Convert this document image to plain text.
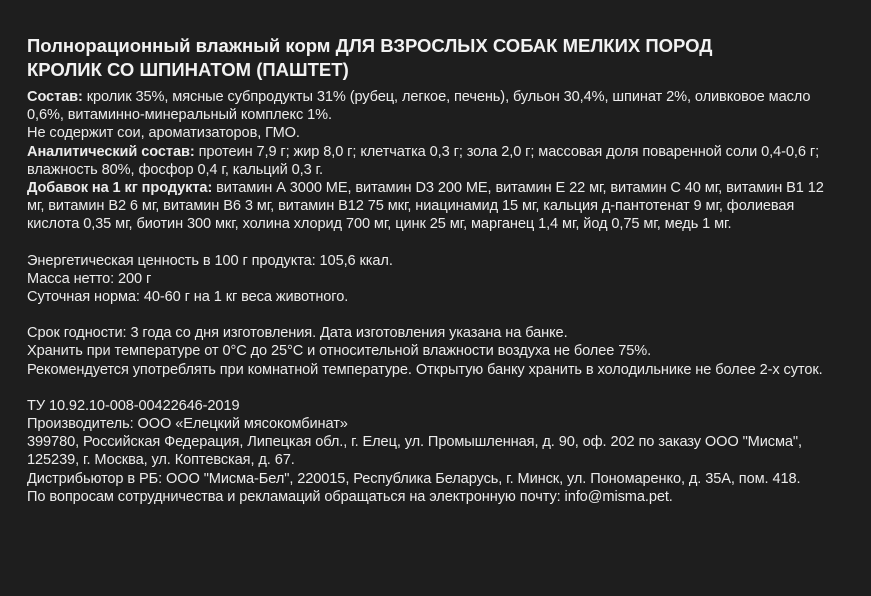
Полнорационный влажный корм ДЛЯ ВЗРОСЛЫХ СОБАК МЕЛКИХ ПОРОД
КРОЛИК СО ШПИНАТОМ (ПАШТЕТ)

Состав: кролик 35%, мясные субпродукты 31% (рубец, легкое, печень), бульон 30,4%, шпинат 2%, оливковое масло 0,6%, витаминно-минеральный комплекс 1%.

Не содержит сои, ароматизаторов, ГМО.

Аналитический состав: протеин 7,9 г; жир 8,0 г; клетчатка 0,3 г; зола 2,0 г; массовая доля поваренной соли 0,4-0,6 г; влажность 80%, фосфор 0,4 г, кальций 0,3 г.

Добавок на 1 кг продукта: витамин А 3000 МЕ, витамин D3 200 МЕ, витамин Е 22 мг, витамин С 40 мг, витамин В1 12 мг, витамин В2 6 мг, витамин В6 3 мг, витамин В12 75 мкг, ниацинамид 15 мг, кальция д-пантотенат 9 мг, фолиевая кислота 0,35 мг, биотин 300 мкг, холина хлорид 700 мг, цинк 25 мг, марганец 1,4 мг, йод 0,75 мг, медь 1 мг.

Энергетическая ценность в 100 г продукта: 105,6 ккал.

Масса нетто: 200 г

Суточная норма: 40-60 г на 1 кг веса животного.

Срок годности: 3 года со дня изготовления. Дата изготовления указана на банке.

Хранить при температуре от 0°С до 25°С и относительной влажности воздуха не более 75%.

Рекомендуется употреблять при комнатной температуре. Открытую банку хранить в холодильнике не более 2-х суток.

ТУ 10.92.10-008-00422646-2019

Производитель: ООО «Елецкий мясокомбинат»

399780, Российская Федерация, Липецкая обл., г. Елец, ул. Промышленная, д. 90, оф. 202 по заказу ООО "Мисма", 125239, г. Москва, ул. Коптевская, д. 67.

Дистрибьютор в РБ: ООО "Мисма-Бел", 220015, Республика Беларусь, г. Минск, ул. Пономаренко, д. 35А, пом. 418.

По вопросам сотрудничества и рекламаций обращаться на электронную почту: info@misma.pet.
